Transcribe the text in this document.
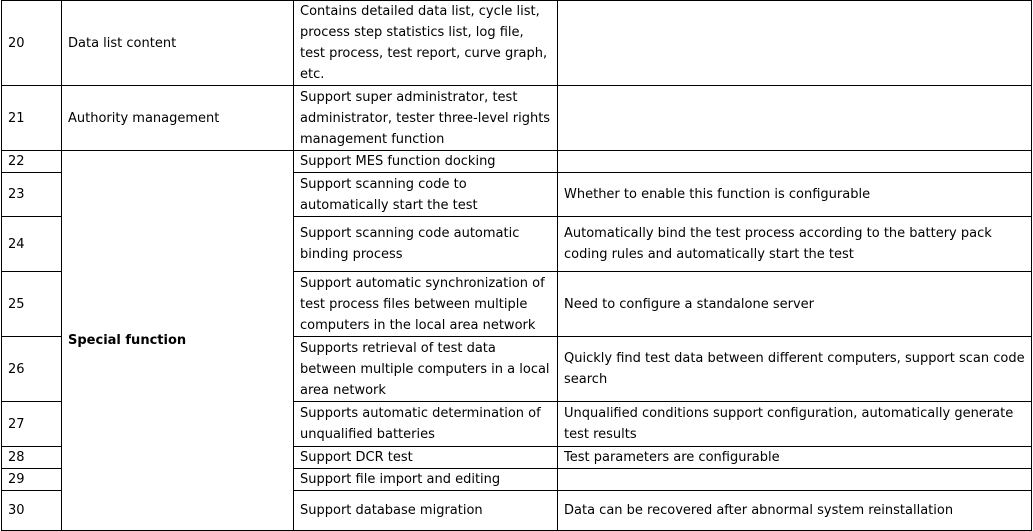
20	Data list content	Contains detailed data list, cycle list, process step statistics list, log file, test process, test report, curve graph, etc.	
21	Authority management	Support super administrator, test administrator, tester three-level rights management function	
22	Special function	Support MES function docking	
23		Support scanning code to automatically start the test	Whether to enable this function is configurable
24		Support scanning code automatic binding process	Automatically bind the test process according to the battery pack coding rules and automatically start the test
25		Support automatic synchronization of test process files between multiple computers in the local area network	Need to configure a standalone server
26		Supports retrieval of test data between multiple computers in a local area network	Quickly find test data between different computers, support scan code search
27		Supports automatic determination of unqualified batteries	Unqualified conditions support configuration, automatically generate test results
28		Support DCR test	Test parameters are configurable
29		Support file import and editing	
30		Support database migration	Data can be recovered after abnormal system reinstallation
